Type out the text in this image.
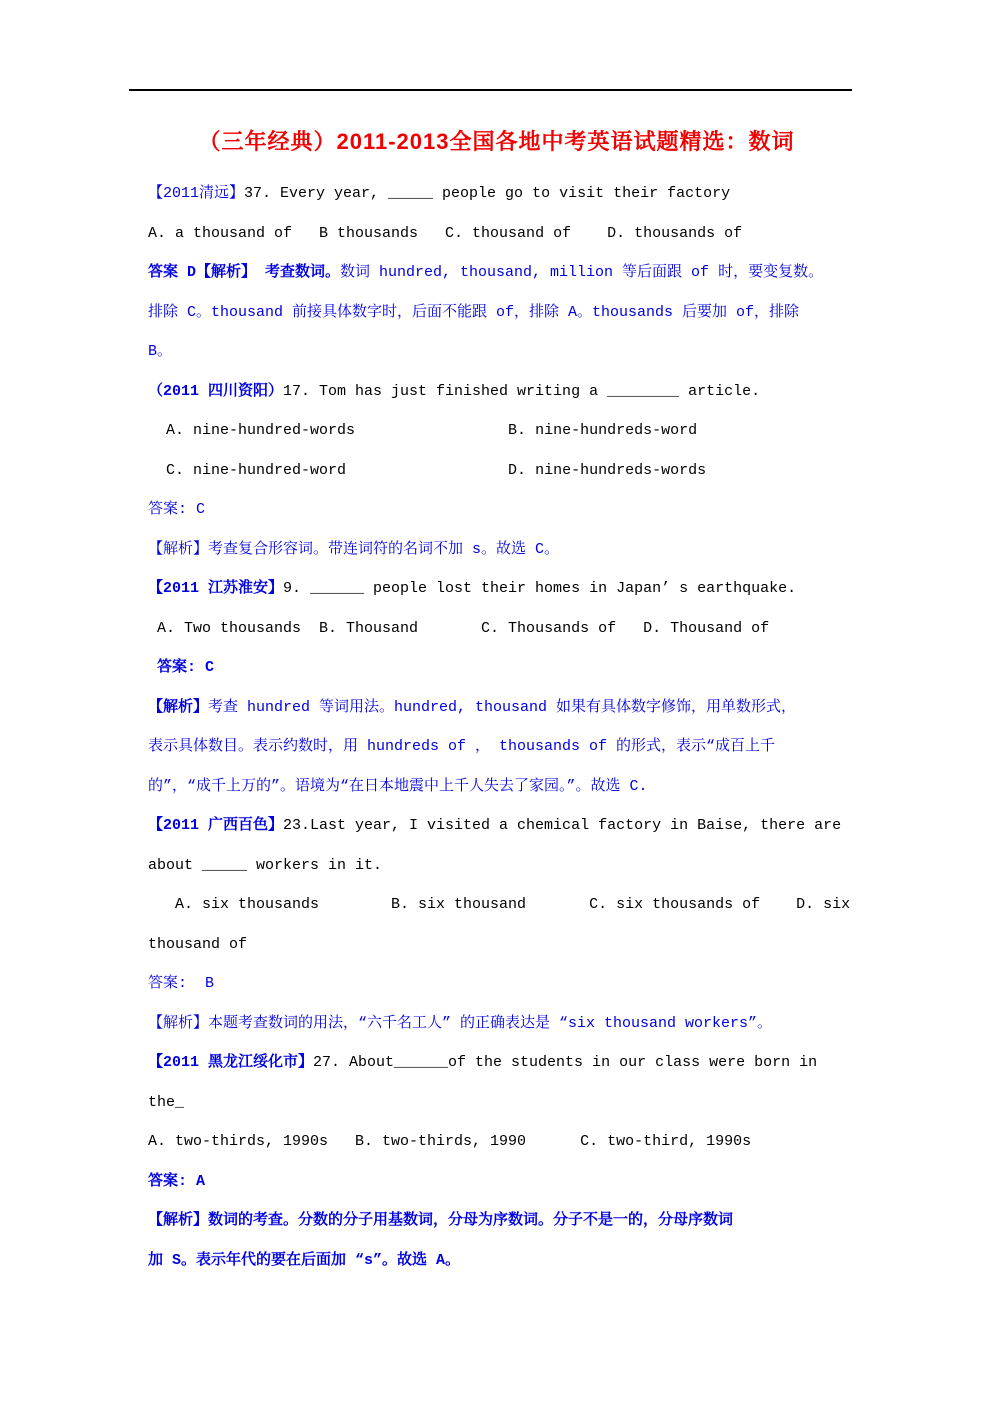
（三年经典）2011-2013全国各地中考英语试题精选：数词
【2011清远】37. Every year, _____ people go to visit their factory
A. a thousand of   B thousands   C. thousand of    D. thousands of
答案 D【解析】 考查数词。数词 hundred, thousand, million 等后面跟 of 时，要变复数。
排除 C。thousand 前接具体数字时，后面不能跟 of，排除 A。thousands 后要加 of，排除
B。
（2011 四川资阳）17. Tom has just finished writing a ________ article.
A. nine-hundred-words                 B. nine-hundreds-word
C. nine-hundred-word                  D. nine-hundreds-words
答案: C
【解析】考查复合形容词。带连词符的名词不加 s。故选 C。
【2011 江苏淮安】9. ______ people lost their homes in Japan’ s earthquake.
A. Two thousands  B. Thousand       C. Thousands of   D. Thousand of
答案: C
【解析】考查 hundred 等词用法。hundred, thousand 如果有具体数字修饰，用单数形式，
表示具体数目。表示约数时，用 hundreds of ， thousands of 的形式，表示“成百上千
的”，“成千上万的”。语境为“在日本地震中上千人失去了家园。”。故选 C.
【2011 广西百色】23.Last year, I visited a chemical factory in Baise, there are
about _____ workers in it.
A. six thousands        B. six thousand       C. six thousands of    D. six
thousand of
答案:  B
【解析】本题考查数词的用法，“六千名工人” 的正确表达是 “six thousand workers”。
【2011 黑龙江绥化市】27. About______of the students in our class were born in
the_
A. two-thirds, 1990s   B. two-thirds, 1990      C. two-third, 1990s
答案: A
【解析】数词的考查。分数的分子用基数词，分母为序数词。分子不是一的，分母序数词
加 S。表示年代的要在后面加 “s”。故选 A。
